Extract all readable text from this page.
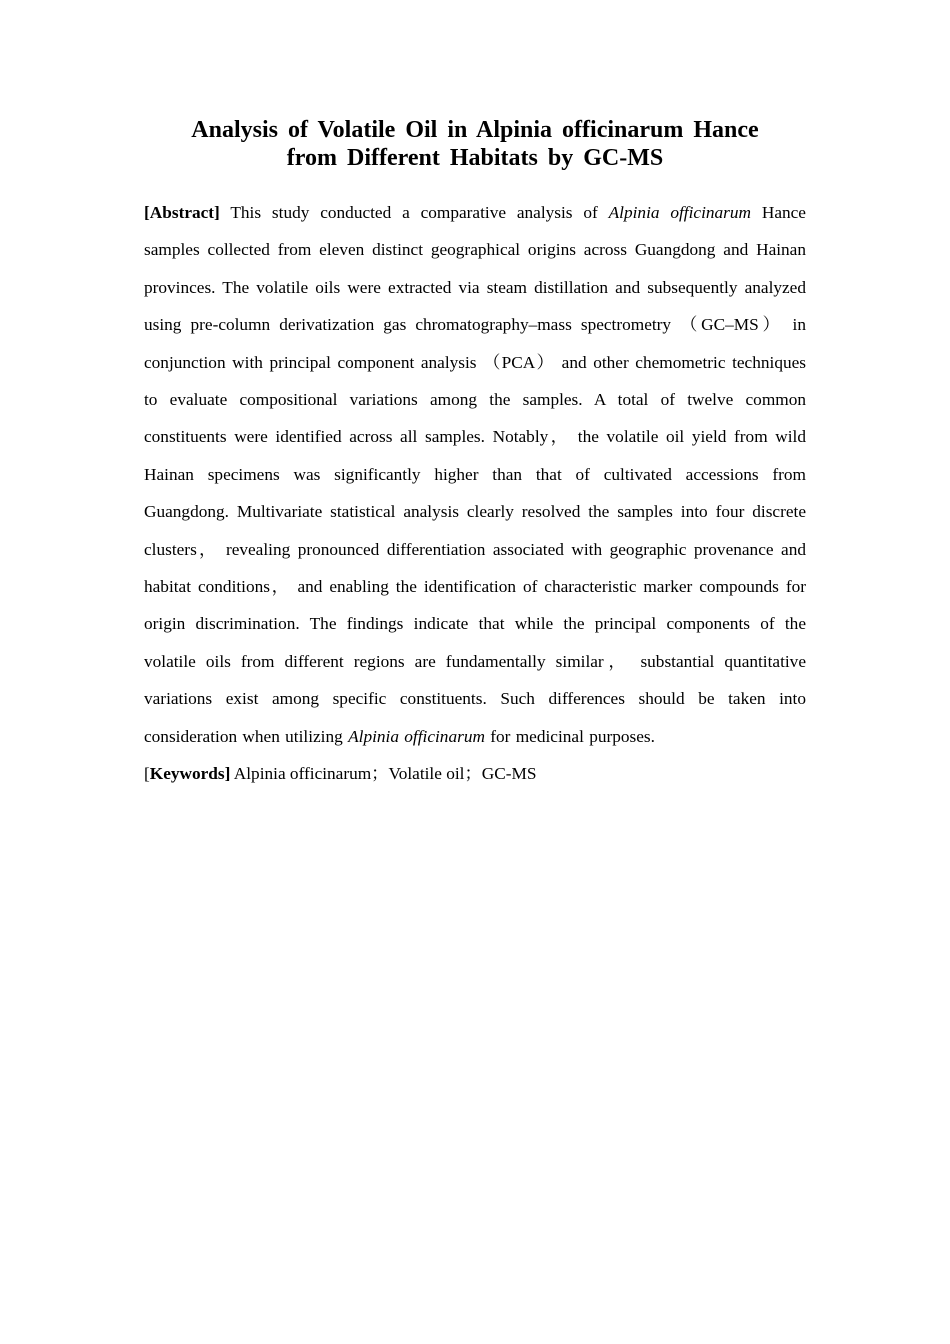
Analysis of Volatile Oil in Alpinia officinarum Hance
from Different Habitats by GC-MS

[Abstract] This study conducted a comparative analysis of Alpinia officinarum Hance samples collected from eleven distinct geographical origins across Guangdong and Hainan provinces. The volatile oils were extracted via steam distillation and subsequently analyzed using pre-column derivatization gas chromatography–mass spectrometry （GC–MS） in conjunction with principal component analysis （PCA） and other chemometric techniques to evaluate compositional variations among the samples. A total of twelve common constituents were identified across all samples. Notably， the volatile oil yield from wild Hainan specimens was significantly higher than that of cultivated accessions from Guangdong. Multivariate statistical analysis clearly resolved the samples into four discrete clusters， revealing pronounced differentiation associated with geographic provenance and habitat conditions， and enabling the identification of characteristic marker compounds for origin discrimination. The findings indicate that while the principal components of the volatile oils from different regions are fundamentally similar， substantial quantitative variations exist among specific constituents. Such differences should be taken into consideration when utilizing Alpinia officinarum for medicinal purposes.

[Keywords] Alpinia officinarum；Volatile oil；GC-MS
